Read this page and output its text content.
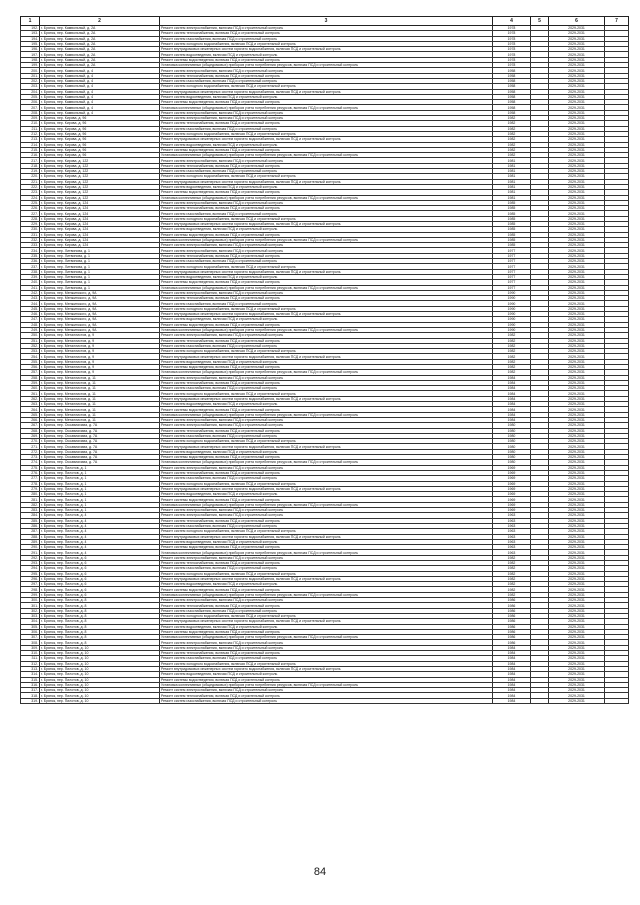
1	2	3	4	5	6	7
192.	г. Брянск, пер. Камвольный, д. 2А	Ремонт систем электроснабжения, включая ПСД и строительный контроль	1978		2029-2031	
193.	г. Брянск, пер. Камвольный, д. 2А	Ремонт систем теплоснабжения, включая ПСД и строительный контроль	1978		2029-2031	
194.	г. Брянск, пер. Камвольный, д. 2А	Ремонт систем газоснабжения, включая ПСД и строительный контроль	1978		2029-2031	
195.	г. Брянск, пер. Камвольный, д. 2А	Ремонт систем холодного водоснабжения, включая ПСД и строительный контроль	1978		2029-2031	
196.	г. Брянск, пер. Камвольный, д. 2А	Ремонт внутридомовых инженерных систем горячего водоснабжения, включая ПСД и строительный контроль	1978		2029-2031	
197.	г. Брянск, пер. Камвольный, д. 2А	Ремонт систем водоотведения, включая ПСД и строительный контроль	1978		2029-2031	
198.	г. Брянск, пер. Камвольный, д. 2А	Ремонт системы водоотведения, включая ПСД и строительный контроль	1978		2029-2031	
199.	г. Брянск, пер. Камвольный, д. 2А	Установка коллективных (общедомовых) приборов учета потребления ресурсов, включая ПСД и строительный контроль	1978		2029-2031	
200.	г. Брянск, пер. Камвольный, д. 4	Ремонт систем электроснабжения, включая ПСД и строительный контроль	1958		2029-2031	
201.	г. Брянск, пер. Камвольный, д. 4	Ремонт систем теплоснабжения, включая ПСД и строительный контроль	1958		2029-2031	
202.	г. Брянск, пер. Камвольный, д. 4	Ремонт систем газоснабжения, включая ПСД и строительный контроль	1958		2029-2031	
203.	г. Брянск, пер. Камвольный, д. 4	Ремонт систем холодного водоснабжения, включая ПСД и строительный контроль	1958		2029-2031	
204.	г. Брянск, пер. Камвольный, д. 4	Ремонт внутридомовых инженерных систем горячего водоснабжения, включая ПСД и строительный контроль	1958		2029-2031	
205.	г. Брянск, пер. Камвольный, д. 4	Ремонт систем водоотведения, включая ПСД и строительный контроль	1958		2029-2031	
206.	г. Брянск, пер. Камвольный, д. 4	Ремонт системы водоотведения, включая ПСД и строительный контроль	1958		2029-2031	
207.	г. Брянск, пер. Камвольный, д. 4	Установка коллективных (общедомовых) приборов учета потребления ресурсов, включая ПСД и строительный контроль	1958		2029-2031	
208.	г. Брянск, пер. Камвольный, д. 4	Ремонт систем электроснабжения, включая ПСД и строительный контроль	1958		2029-2031	
209.	г. Брянск, пер. Кирова, д. 96	Ремонт систем электроснабжения, включая ПСД и строительный контроль	1982		2029-2031	
210.	г. Брянск, пер. Кирова, д. 96	Ремонт систем теплоснабжения, включая ПСД и строительный контроль	1982		2029-2031	
211.	г. Брянск, пер. Кирова, д. 96	Ремонт систем газоснабжения, включая ПСД и строительный контроль	1982		2029-2031	
212.	г. Брянск, пер. Кирова, д. 96	Ремонт систем холодного водоснабжения, включая ПСД и строительный контроль	1982		2029-2031	
213.	г. Брянск, пер. Кирова, д. 96	Ремонт внутридомовых инженерных систем горячего водоснабжения, включая ПСД и строительный контроль	1982		2029-2031	
214.	г. Брянск, пер. Кирова, д. 96	Ремонт систем водоотведения, включая ПСД и строительный контроль	1982		2029-2031	
215.	г. Брянск, пер. Кирова, д. 96	Ремонт системы водоотведения, включая ПСД и строительный контроль	1982		2029-2031	
216.	г. Брянск, пер. Кирова, д. 96	Установка коллективных (общедомовых) приборов учета потребления ресурсов, включая ПСД и строительный контроль	1982		2029-2031	
217.	г. Брянск, пер. Кирова, д. 122	Ремонт систем электроснабжения, включая ПСД и строительный контроль	1981		2029-2031	
218.	г. Брянск, пер. Кирова, д. 122	Ремонт систем теплоснабжения, включая ПСД и строительный контроль	1981		2029-2031	
219.	г. Брянск, пер. Кирова, д. 122	Ремонт систем газоснабжения, включая ПСД и строительный контроль	1981		2029-2031	
220.	г. Брянск, пер. Кирова, д. 122	Ремонт систем холодного водоснабжения, включая ПСД и строительный контроль	1981		2029-2031	
221.	г. Брянск, пер. Кирова, д. 122	Ремонт внутридомовых инженерных систем горячего водоснабжения, включая ПСД и строительный контроль	1981		2029-2031	
222.	г. Брянск, пер. Кирова, д. 122	Ремонт систем водоотведения, включая ПСД и строительный контроль	1981		2029-2031	
223.	г. Брянск, пер. Кирова, д. 122	Ремонт системы водоотведения, включая ПСД и строительный контроль	1981		2029-2031	
224.	г. Брянск, пер. Кирова, д. 122	Установка коллективных (общедомовых) приборов учета потребления ресурсов, включая ПСД и строительный контроль	1981		2029-2031	
225.	г. Брянск, пер. Кирова, д. 124	Ремонт систем электроснабжения, включая ПСД и строительный контроль	1985		2029-2031	
226.	г. Брянск, пер. Кирова, д. 124	Ремонт систем теплоснабжения, включая ПСД и строительный контроль	1985		2029-2031	
227.	г. Брянск, пер. Кирова, д. 124	Ремонт систем газоснабжения, включая ПСД и строительный контроль	1985		2029-2031	
228.	г. Брянск, пер. Кирова, д. 124	Ремонт систем холодного водоснабжения, включая ПСД и строительный контроль	1985		2029-2031	
229.	г. Брянск, пер. Кирова, д. 124	Ремонт внутридомовых инженерных систем горячего водоснабжения, включая ПСД и строительный контроль	1985		2029-2031	
230.	г. Брянск, пер. Кирова, д. 124	Ремонт систем водоотведения, включая ПСД и строительный контроль	1985		2029-2031	
231.	г. Брянск, пер. Кирова, д. 124	Ремонт системы водоотведения, включая ПСД и строительный контроль	1985		2029-2031	
232.	г. Брянск, пер. Кирова, д. 124	Установка коллективных (общедомовых) приборов учета потребления ресурсов, включая ПСД и строительный контроль	1985		2029-2031	
233.	г. Брянск, пер. Кирова, д. 124	Ремонт систем электроснабжения, включая ПСД и строительный контроль	1985		2029-2031	
234.	г. Брянск, пер. Литвинова, д. 1	Ремонт систем электроснабжения, включая ПСД и строительный контроль	1977		2029-2031	
235.	г. Брянск, пер. Литвинова, д. 1	Ремонт систем теплоснабжения, включая ПСД и строительный контроль	1977		2029-2031	
236.	г. Брянск, пер. Литвинова, д. 1	Ремонт систем газоснабжения, включая ПСД и строительный контроль	1977		2029-2031	
237.	г. Брянск, пер. Литвинова, д. 1	Ремонт систем холодного водоснабжения, включая ПСД и строительный контроль	1977		2029-2031	
238.	г. Брянск, пер. Литвинова, д. 1	Ремонт внутридомовых инженерных систем горячего водоснабжения, включая ПСД и строительный контроль	1977		2029-2031	
239.	г. Брянск, пер. Литвинова, д. 1	Ремонт систем водоотведения, включая ПСД и строительный контроль	1977		2029-2031	
240.	г. Брянск, пер. Литвинова, д. 1	Ремонт системы водоотведения, включая ПСД и строительный контроль	1977		2029-2031	
241.	г. Брянск, пер. Литвинова, д. 1	Установка коллективных (общедомовых) приборов учета потребления ресурсов, включая ПСД и строительный контроль	1977		2029-2031	
242.	г. Брянск, пер. Менжинского, д. 9А	Ремонт систем электроснабжения, включая ПСД и строительный контроль	1990		2029-2031	
243.	г. Брянск, пер. Менжинского, д. 9А	Ремонт систем теплоснабжения, включая ПСД и строительный контроль	1990		2029-2031	
244.	г. Брянск, пер. Менжинского, д. 9А	Ремонт систем газоснабжения, включая ПСД и строительный контроль	1990		2029-2031	
245.	г. Брянск, пер. Менжинского, д. 9А	Ремонт систем холодного водоснабжения, включая ПСД и строительный контроль	1990		2029-2031	
246.	г. Брянск, пер. Менжинского, д. 9А	Ремонт внутридомовых инженерных систем горячего водоснабжения, включая ПСД и строительный контроль	1990		2029-2031	
247.	г. Брянск, пер. Менжинского, д. 9А	Ремонт систем водоотведения, включая ПСД и строительный контроль	1990		2029-2031	
248.	г. Брянск, пер. Менжинского, д. 9А	Ремонт системы водоотведения, включая ПСД и строительный контроль	1990		2029-2031	
249.	г. Брянск, пер. Менжинского, д. 9А	Установка коллективных (общедомовых) приборов учета потребления ресурсов, включая ПСД и строительный контроль	1990		2029-2031	
250.	г. Брянск, пер. Металлистов, д. 9	Ремонт систем электроснабжения, включая ПСД и строительный контроль	1982		2029-2031	
251.	г. Брянск, пер. Металлистов, д. 9	Ремонт систем теплоснабжения, включая ПСД и строительный контроль	1982		2029-2031	
252.	г. Брянск, пер. Металлистов, д. 9	Ремонт систем газоснабжения, включая ПСД и строительный контроль	1982		2029-2031	
253.	г. Брянск, пер. Металлистов, д. 9	Ремонт систем холодного водоснабжения, включая ПСД и строительный контроль	1982		2029-2031	
254.	г. Брянск, пер. Металлистов, д. 9	Ремонт внутридомовых инженерных систем горячего водоснабжения, включая ПСД и строительный контроль	1982		2029-2031	
255.	г. Брянск, пер. Металлистов, д. 9	Ремонт систем водоотведения, включая ПСД и строительный контроль	1982		2029-2031	
256.	г. Брянск, пер. Металлистов, д. 9	Ремонт системы водоотведения, включая ПСД и строительный контроль	1982		2029-2031	
257.	г. Брянск, пер. Металлистов, д. 9	Установка коллективных (общедомовых) приборов учета потребления ресурсов, включая ПСД и строительный контроль	1982		2029-2031	
258.	г. Брянск, пер. Металлистов, д. 11	Ремонт систем электроснабжения, включая ПСД и строительный контроль	1984		2029-2031	
259.	г. Брянск, пер. Металлистов, д. 11	Ремонт систем теплоснабжения, включая ПСД и строительный контроль	1984		2029-2031	
260.	г. Брянск, пер. Металлистов, д. 11	Ремонт систем газоснабжения, включая ПСД и строительный контроль	1984		2029-2031	
261.	г. Брянск, пер. Металлистов, д. 11	Ремонт систем холодного водоснабжения, включая ПСД и строительный контроль	1984		2029-2031	
262.	г. Брянск, пер. Металлистов, д. 11	Ремонт внутридомовых инженерных систем горячего водоснабжения, включая ПСД и строительный контроль	1984		2029-2031	
263.	г. Брянск, пер. Металлистов, д. 11	Ремонт систем водоотведения, включая ПСД и строительный контроль	1984		2029-2031	
264.	г. Брянск, пер. Металлистов, д. 11	Ремонт системы водоотведения, включая ПСД и строительный контроль	1984		2029-2031	
265.	г. Брянск, пер. Металлистов, д. 11	Установка коллективных (общедомовых) приборов учета потребления ресурсов, включая ПСД и строительный контроль	1984		2029-2031	
266.	г. Брянск, пер. Металлистов, д. 11	Ремонт систем электроснабжения, включая ПСД и строительный контроль	1984		2029-2031	
267.	г. Брянск, пер. Осоавиахима, д. 7А	Ремонт систем электроснабжения, включая ПСД и строительный контроль	1980		2029-2031	
268.	г. Брянск, пер. Осоавиахима, д. 7А	Ремонт систем теплоснабжения, включая ПСД и строительный контроль	1980		2029-2031	
269.	г. Брянск, пер. Осоавиахима, д. 7А	Ремонт систем газоснабжения, включая ПСД и строительный контроль	1980		2029-2031	
270.	г. Брянск, пер. Осоавиахима, д. 7А	Ремонт систем холодного водоснабжения, включая ПСД и строительный контроль	1980		2029-2031	
271.	г. Брянск, пер. Осоавиахима, д. 7А	Ремонт внутридомовых инженерных систем горячего водоснабжения, включая ПСД и строительный контроль	1980		2029-2031	
272.	г. Брянск, пер. Осоавиахима, д. 7А	Ремонт систем водоотведения, включая ПСД и строительный контроль	1980		2029-2031	
273.	г. Брянск, пер. Осоавиахима, д. 7А	Ремонт системы водоотведения, включая ПСД и строительный контроль	1980		2029-2031	
274.	г. Брянск, пер. Осоавиахима, д. 7А	Установка коллективных (общедомовых) приборов учета потребления ресурсов, включая ПСД и строительный контроль	1980		2029-2031	
275.	г. Брянск, пер. Пилотов, д. 1	Ремонт систем электроснабжения, включая ПСД и строительный контроль	1969		2029-2031	
276.	г. Брянск, пер. Пилотов, д. 1	Ремонт систем теплоснабжения, включая ПСД и строительный контроль	1969		2029-2031	
277.	г. Брянск, пер. Пилотов, д. 1	Ремонт систем газоснабжения, включая ПСД и строительный контроль	1969		2029-2031	
278.	г. Брянск, пер. Пилотов, д. 1	Ремонт систем холодного водоснабжения, включая ПСД и строительный контроль	1969		2029-2031	
279.	г. Брянск, пер. Пилотов, д. 1	Ремонт внутридомовых инженерных систем горячего водоснабжения, включая ПСД и строительный контроль	1969		2029-2031	
280.	г. Брянск, пер. Пилотов, д. 1	Ремонт систем водоотведения, включая ПСД и строительный контроль	1969		2029-2031	
281.	г. Брянск, пер. Пилотов, д. 1	Ремонт системы водоотведения, включая ПСД и строительный контроль	1969		2029-2031	
282.	г. Брянск, пер. Пилотов, д. 1	Установка коллективных (общедомовых) приборов учета потребления ресурсов, включая ПСД и строительный контроль	1969		2029-2031	
283.	г. Брянск, пер. Пилотов, д. 1	Ремонт систем электроснабжения, включая ПСД и строительный контроль	1969		2029-2031	
284.	г. Брянск, пер. Пилотов, д. 4	Ремонт систем электроснабжения, включая ПСД и строительный контроль	1963		2029-2031	
285.	г. Брянск, пер. Пилотов, д. 4	Ремонт систем теплоснабжения, включая ПСД и строительный контроль	1963		2029-2031	
286.	г. Брянск, пер. Пилотов, д. 4	Ремонт систем газоснабжения, включая ПСД и строительный контроль	1963		2029-2031	
287.	г. Брянск, пер. Пилотов, д. 4	Ремонт систем холодного водоснабжения, включая ПСД и строительный контроль	1963		2029-2031	
288.	г. Брянск, пер. Пилотов, д. 4	Ремонт внутридомовых инженерных систем горячего водоснабжения, включая ПСД и строительный контроль	1963		2029-2031	
289.	г. Брянск, пер. Пилотов, д. 4	Ремонт систем водоотведения, включая ПСД и строительный контроль	1963		2029-2031	
290.	г. Брянск, пер. Пилотов, д. 4	Ремонт системы водоотведения, включая ПСД и строительный контроль	1963		2029-2031	
291.	г. Брянск, пер. Пилотов, д. 4	Установка коллективных (общедомовых) приборов учета потребления ресурсов, включая ПСД и строительный контроль	1963		2029-2031	
292.	г. Брянск, пер. Пилотов, д. 6	Ремонт систем электроснабжения, включая ПСД и строительный контроль	1982		2029-2031	
293.	г. Брянск, пер. Пилотов, д. 6	Ремонт систем теплоснабжения, включая ПСД и строительный контроль	1982		2029-2031	
294.	г. Брянск, пер. Пилотов, д. 6	Ремонт систем газоснабжения, включая ПСД и строительный контроль	1982		2029-2031	
295.	г. Брянск, пер. Пилотов, д. 6	Ремонт систем холодного водоснабжения, включая ПСД и строительный контроль	1982		2029-2031	
296.	г. Брянск, пер. Пилотов, д. 6	Ремонт внутридомовых инженерных систем горячего водоснабжения, включая ПСД и строительный контроль	1982		2029-2031	
297.	г. Брянск, пер. Пилотов, д. 6	Ремонт систем водоотведения, включая ПСД и строительный контроль	1982		2029-2031	
298.	г. Брянск, пер. Пилотов, д. 6	Ремонт системы водоотведения, включая ПСД и строительный контроль	1982		2029-2031	
299.	г. Брянск, пер. Пилотов, д. 6	Установка коллективных (общедомовых) приборов учета потребления ресурсов, включая ПСД и строительный контроль	1982		2029-2031	
300.	г. Брянск, пер. Пилотов, д. 8	Ремонт систем электроснабжения, включая ПСД и строительный контроль	1986		2029-2031	
301.	г. Брянск, пер. Пилотов, д. 8	Ремонт систем теплоснабжения, включая ПСД и строительный контроль	1986		2029-2031	
302.	г. Брянск, пер. Пилотов, д. 8	Ремонт систем газоснабжения, включая ПСД и строительный контроль	1986		2029-2031	
303.	г. Брянск, пер. Пилотов, д. 8	Ремонт систем холодного водоснабжения, включая ПСД и строительный контроль	1986		2029-2031	
304.	г. Брянск, пер. Пилотов, д. 8	Ремонт внутридомовых инженерных систем горячего водоснабжения, включая ПСД и строительный контроль	1986		2029-2031	
305.	г. Брянск, пер. Пилотов, д. 8	Ремонт систем водоотведения, включая ПСД и строительный контроль	1986		2029-2031	
306.	г. Брянск, пер. Пилотов, д. 8	Ремонт системы водоотведения, включая ПСД и строительный контроль	1986		2029-2031	
307.	г. Брянск, пер. Пилотов, д. 8	Установка коллективных (общедомовых) приборов учета потребления ресурсов, включая ПСД и строительный контроль	1986		2029-2031	
308.	г. Брянск, пер. Пилотов, д. 8	Ремонт систем электроснабжения, включая ПСД и строительный контроль	1986		2029-2031	
309.	г. Брянск, пер. Пилотов, д. 10	Ремонт систем электроснабжения, включая ПСД и строительный контроль	1984		2029-2031	
310.	г. Брянск, пер. Пилотов, д. 10	Ремонт систем теплоснабжения, включая ПСД и строительный контроль	1984		2029-2031	
311.	г. Брянск, пер. Пилотов, д. 10	Ремонт систем газоснабжения, включая ПСД и строительный контроль	1984		2029-2031	
312.	г. Брянск, пер. Пилотов, д. 10	Ремонт систем холодного водоснабжения, включая ПСД и строительный контроль	1984		2029-2031	
313.	г. Брянск, пер. Пилотов, д. 10	Ремонт внутридомовых инженерных систем горячего водоснабжения, включая ПСД и строительный контроль	1984		2029-2031	
314.	г. Брянск, пер. Пилотов, д. 10	Ремонт систем водоотведения, включая ПСД и строительный контроль	1984		2029-2031	
315.	г. Брянск, пер. Пилотов, д. 10	Ремонт системы водоотведения, включая ПСД и строительный контроль	1984		2029-2031	
316.	г. Брянск, пер. Пилотов, д. 10	Установка коллективных (общедомовых) приборов учета потребления ресурсов, включая ПСД и строительный контроль	1984		2029-2031	
317.	г. Брянск, пер. Пилотов, д. 10	Ремонт систем электроснабжения, включая ПСД и строительный контроль	1984		2029-2031	
318.	г. Брянск, пер. Пилотов, д. 10	Ремонт систем теплоснабжения, включая ПСД и строительный контроль	1984		2029-2031	
319.	г. Брянск, пер. Пилотов, д. 10	Ремонт систем газоснабжения, включая ПСД и строительный контроль	1984		2029-2031	
84
